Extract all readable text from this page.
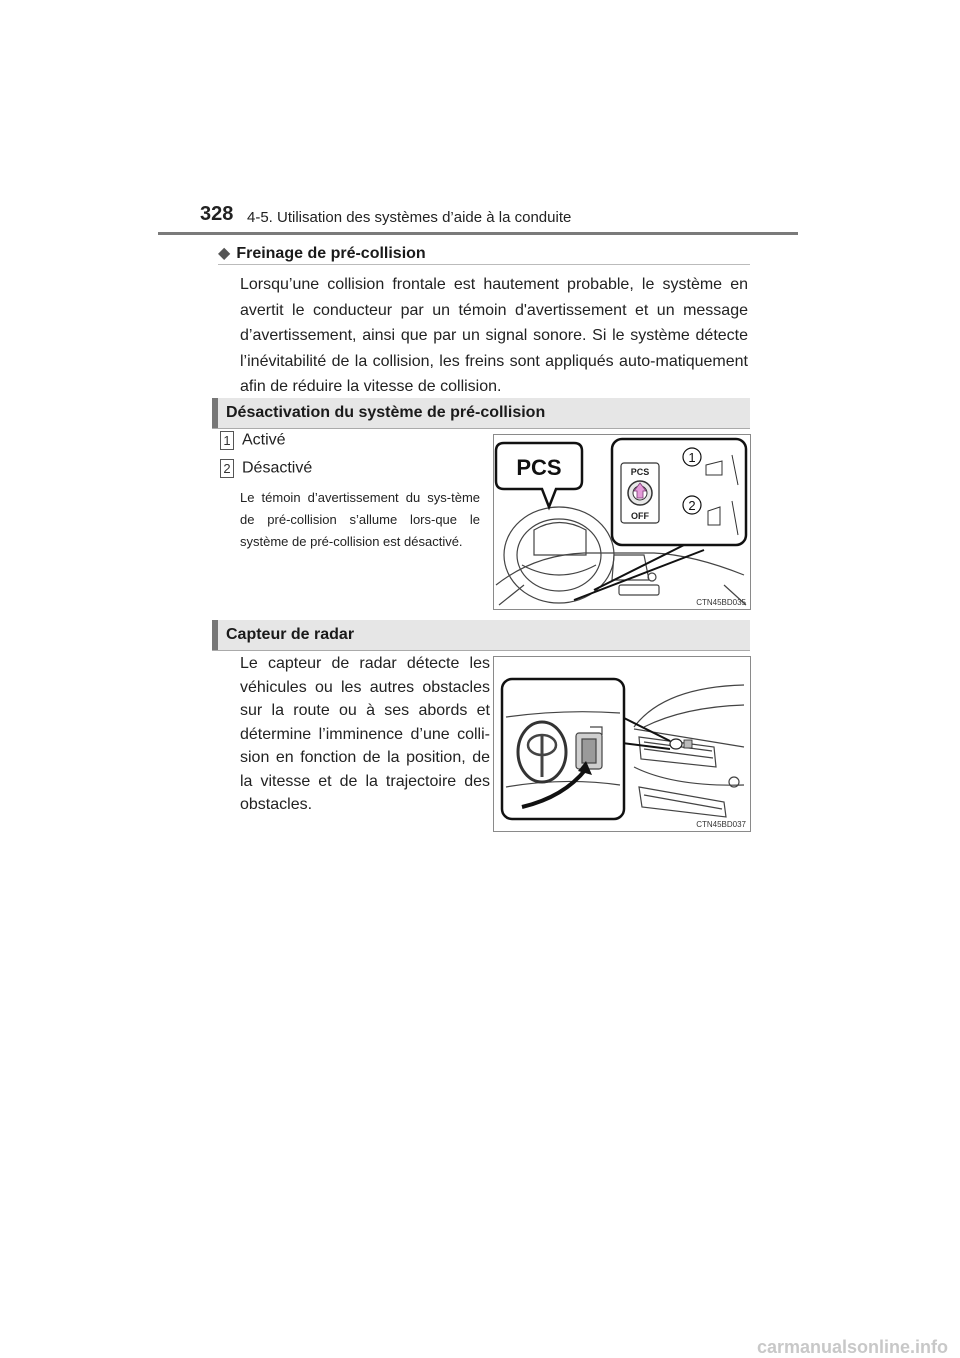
328 4-5. Utilisation des systèmes d’aide à la conduite
◆ Freinage de pré-collision
Lorsqu’une collision frontale est hautement probable, le système en avertit le conducteur par un témoin d'avertissement et un message d’avertissement, ainsi que par un signal sonore. Si le système détecte l’inévitabilité de la collision, les freins sont appliqués auto-matiquement afin de réduire la vitesse de collision.
Désactivation du système de pré-collision
1 Activé
2 Désactivé
Le témoin d’avertissement du sys-tème de pré-collision s’allume lors-que le système de pré-collision est désactivé.
PCS	PCS
OFF
1
2
CTN45BD035
Capteur de radar
Le capteur de radar détecte les véhicules ou les autres obstacles sur la route ou à ses abords et détermine l’imminence d’une colli-sion en fonction de la position, de la vitesse et de la trajectoire des obstacles.
CTN45BD037
carmanualsonline.info
